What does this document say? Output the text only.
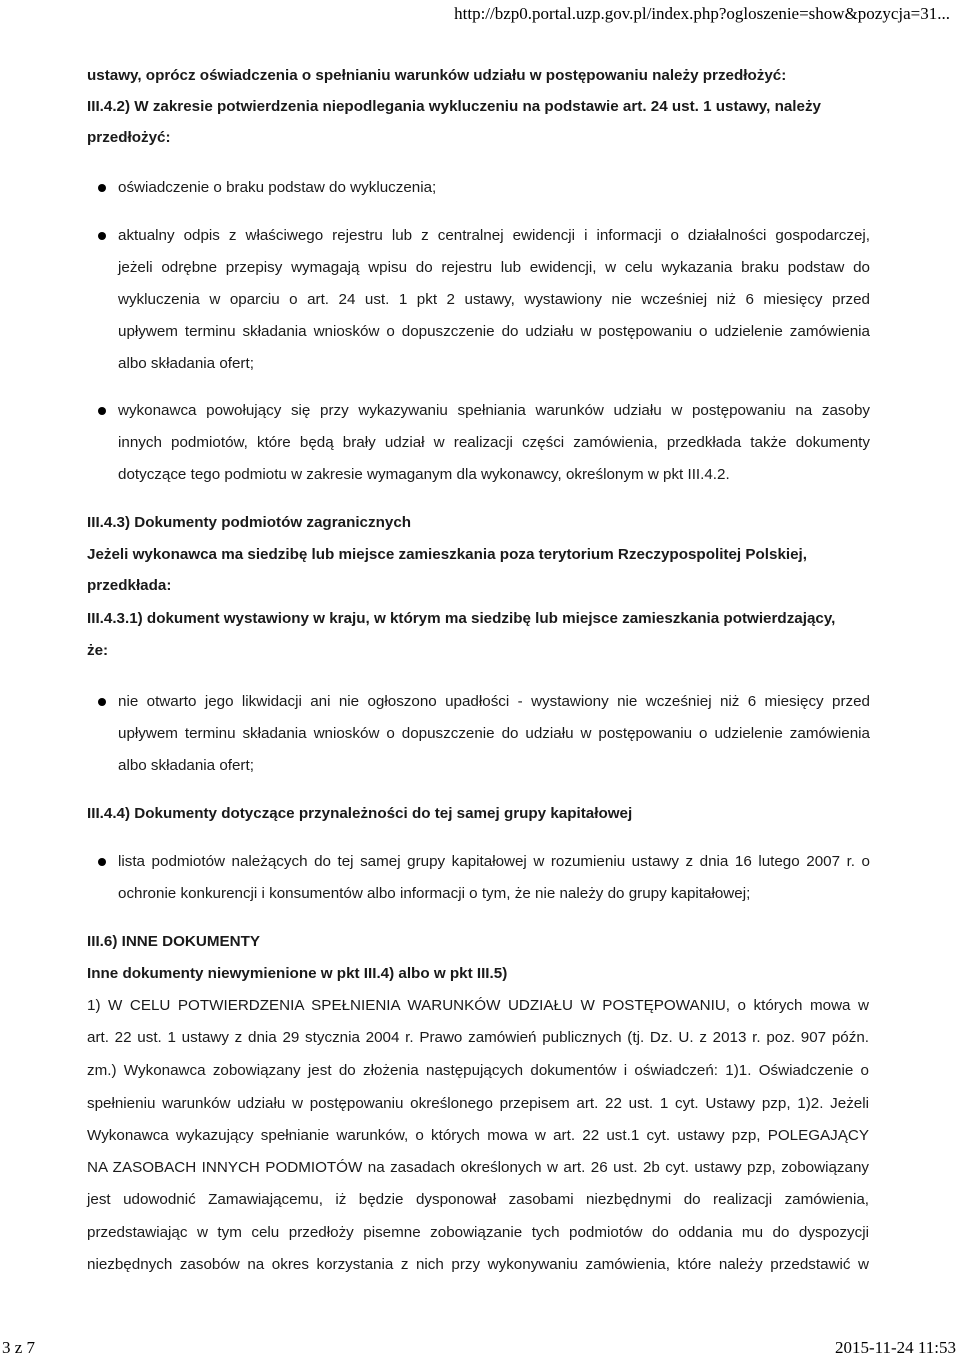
http://bzp0.portal.uzp.gov.pl/index.php?ogloszenie=show&pozycja=31...
ustawy, oprócz oświadczenia o spełnianiu warunków udziału w postępowaniu należy przedłożyć:
III.4.2) W zakresie potwierdzenia niepodlegania wykluczeniu na podstawie art. 24 ust. 1 ustawy, należy
przedłożyć:
oświadczenie o braku podstaw do wykluczenia;
aktualny odpis z właściwego rejestru lub z centralnej ewidencji i informacji o działalności gospodarczej,
jeżeli odrębne przepisy wymagają wpisu do rejestru lub ewidencji, w celu wykazania braku podstaw do
wykluczenia w oparciu o art. 24 ust. 1 pkt 2 ustawy, wystawiony nie wcześniej niż 6 miesięcy przed
upływem terminu składania wniosków o dopuszczenie do udziału w postępowaniu o udzielenie zamówienia
albo składania ofert;
wykonawca powołujący się przy wykazywaniu spełniania warunków udziału w postępowaniu na zasoby
innych podmiotów, które będą brały udział w realizacji części zamówienia, przedkłada także dokumenty
dotyczące tego podmiotu w zakresie wymaganym dla wykonawcy, określonym w pkt III.4.2.
III.4.3) Dokumenty podmiotów zagranicznych
Jeżeli wykonawca ma siedzibę lub miejsce zamieszkania poza terytorium Rzeczypospolitej Polskiej,
przedkłada:
III.4.3.1) dokument wystawiony w kraju, w którym ma siedzibę lub miejsce zamieszkania potwierdzający,
że:
nie otwarto jego likwidacji ani nie ogłoszono upadłości - wystawiony nie wcześniej niż 6 miesięcy przed
upływem terminu składania wniosków o dopuszczenie do udziału w postępowaniu o udzielenie zamówienia
albo składania ofert;
III.4.4) Dokumenty dotyczące przynależności do tej samej grupy kapitałowej
lista podmiotów należących do tej samej grupy kapitałowej w rozumieniu ustawy z dnia 16 lutego 2007 r. o
ochronie konkurencji i konsumentów albo informacji o tym, że nie należy do grupy kapitałowej;
III.6) INNE DOKUMENTY
Inne dokumenty niewymienione w pkt III.4) albo w pkt III.5)
1) W CELU POTWIERDZENIA SPEŁNIENIA WARUNKÓW UDZIAŁU W POSTĘPOWANIU, o których mowa w
art. 22 ust. 1 ustawy z dnia 29 stycznia 2004 r. Prawo zamówień publicznych (tj. Dz. U. z 2013 r. poz. 907 późn.
zm.) Wykonawca zobowiązany jest do złożenia następujących dokumentów i oświadczeń: 1)1. Oświadczenie o
spełnieniu warunków udziału w postępowaniu określonego przepisem art. 22 ust. 1 cyt. Ustawy pzp, 1)2. Jeżeli
Wykonawca wykazujący spełnianie warunków, o których mowa w art. 22 ust.1 cyt. ustawy pzp, POLEGAJĄCY
NA ZASOBACH INNYCH PODMIOTÓW na zasadach określonych w art. 26 ust. 2b cyt. ustawy pzp, zobowiązany
jest udowodnić Zamawiającemu, iż będzie dysponował zasobami niezbędnymi do realizacji zamówienia,
przedstawiając w tym celu przedłoży pisemne zobowiązanie tych podmiotów do oddania mu do dyspozycji
niezbędnych zasobów na okres korzystania z nich przy wykonywaniu zamówienia, które należy przedstawić w
3 z 7	2015-11-24 11:53
